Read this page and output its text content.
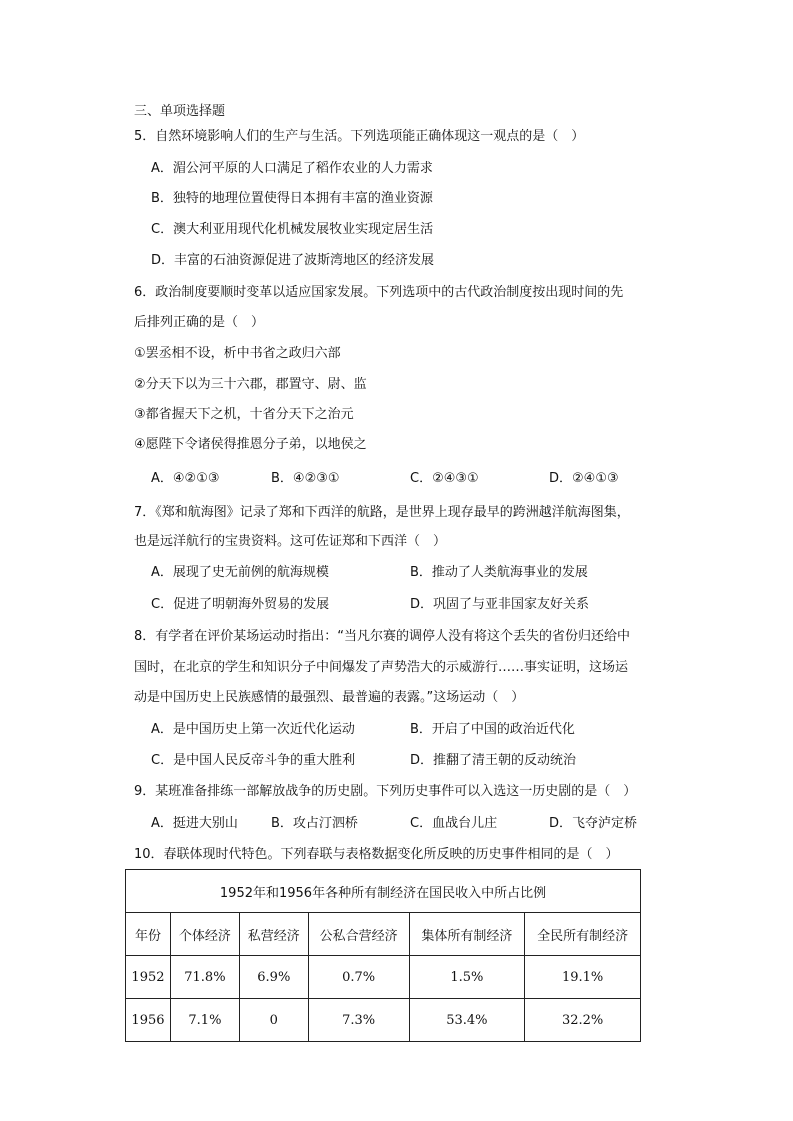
三、单项选择题
5．自然环境影响人们的生产与生活。下列选项能正确体现这一观点的是（　）
A．湄公河平原的人口满足了稻作农业的人力需求
B．独特的地理位置使得日本拥有丰富的渔业资源
C．澳大利亚用现代化机械发展牧业实现定居生活
D．丰富的石油资源促进了波斯湾地区的经济发展
6．政治制度要顺时变革以适应国家发展。下列选项中的古代政治制度按出现时间的先
后排列正确的是（　）
①罢丞相不设，析中书省之政归六部
②分天下以为三十六郡，郡置守、尉、监
③都省握天下之机，十省分天下之治元
④愿陛下令诸侯得推恩分子弟，以地侯之
A．④②①③	B．④②③①	C．②④③①	D．②④①③
7．《郑和航海图》记录了郑和下西洋的航路，是世界上现存最早的跨洲越洋航海图集，
也是远洋航行的宝贵资料。这可佐证郑和下西洋（　）
A．展现了史无前例的航海规模	B．推动了人类航海事业的发展
C．促进了明朝海外贸易的发展	D．巩固了与亚非国家友好关系
8．有学者在评价某场运动时指出：“当凡尔赛的调停人没有将这个丢失的省份归还给中
国时，在北京的学生和知识分子中间爆发了声势浩大的示威游行……事实证明，这场运
动是中国历史上民族感情的最强烈、最普遍的表露。”这场运动（　）
A．是中国历史上第一次近代化运动	B．开启了中国的政治近代化
C．是中国人民反帝斗争的重大胜利	D．推翻了清王朝的反动统治
9．某班准备排练一部解放战争的历史剧。下列历史事件可以入选这一历史剧的是（　）
A．挺进大别山	B．攻占汀泗桥	C．血战台儿庄	D．飞夺泸定桥
10．春联体现时代特色。下列春联与表格数据变化所反映的历史事件相同的是（　）
1952年和1956年各种所有制经济在国民收入中所占比例					
年份	个体经济	私营经济	公私合营经济	集体所有制经济	全民所有制经济
1952	71.8%	6.9%	0.7%	1.5%	19.1%
1956	7.1%	0	7.3%	53.4%	32.2%
